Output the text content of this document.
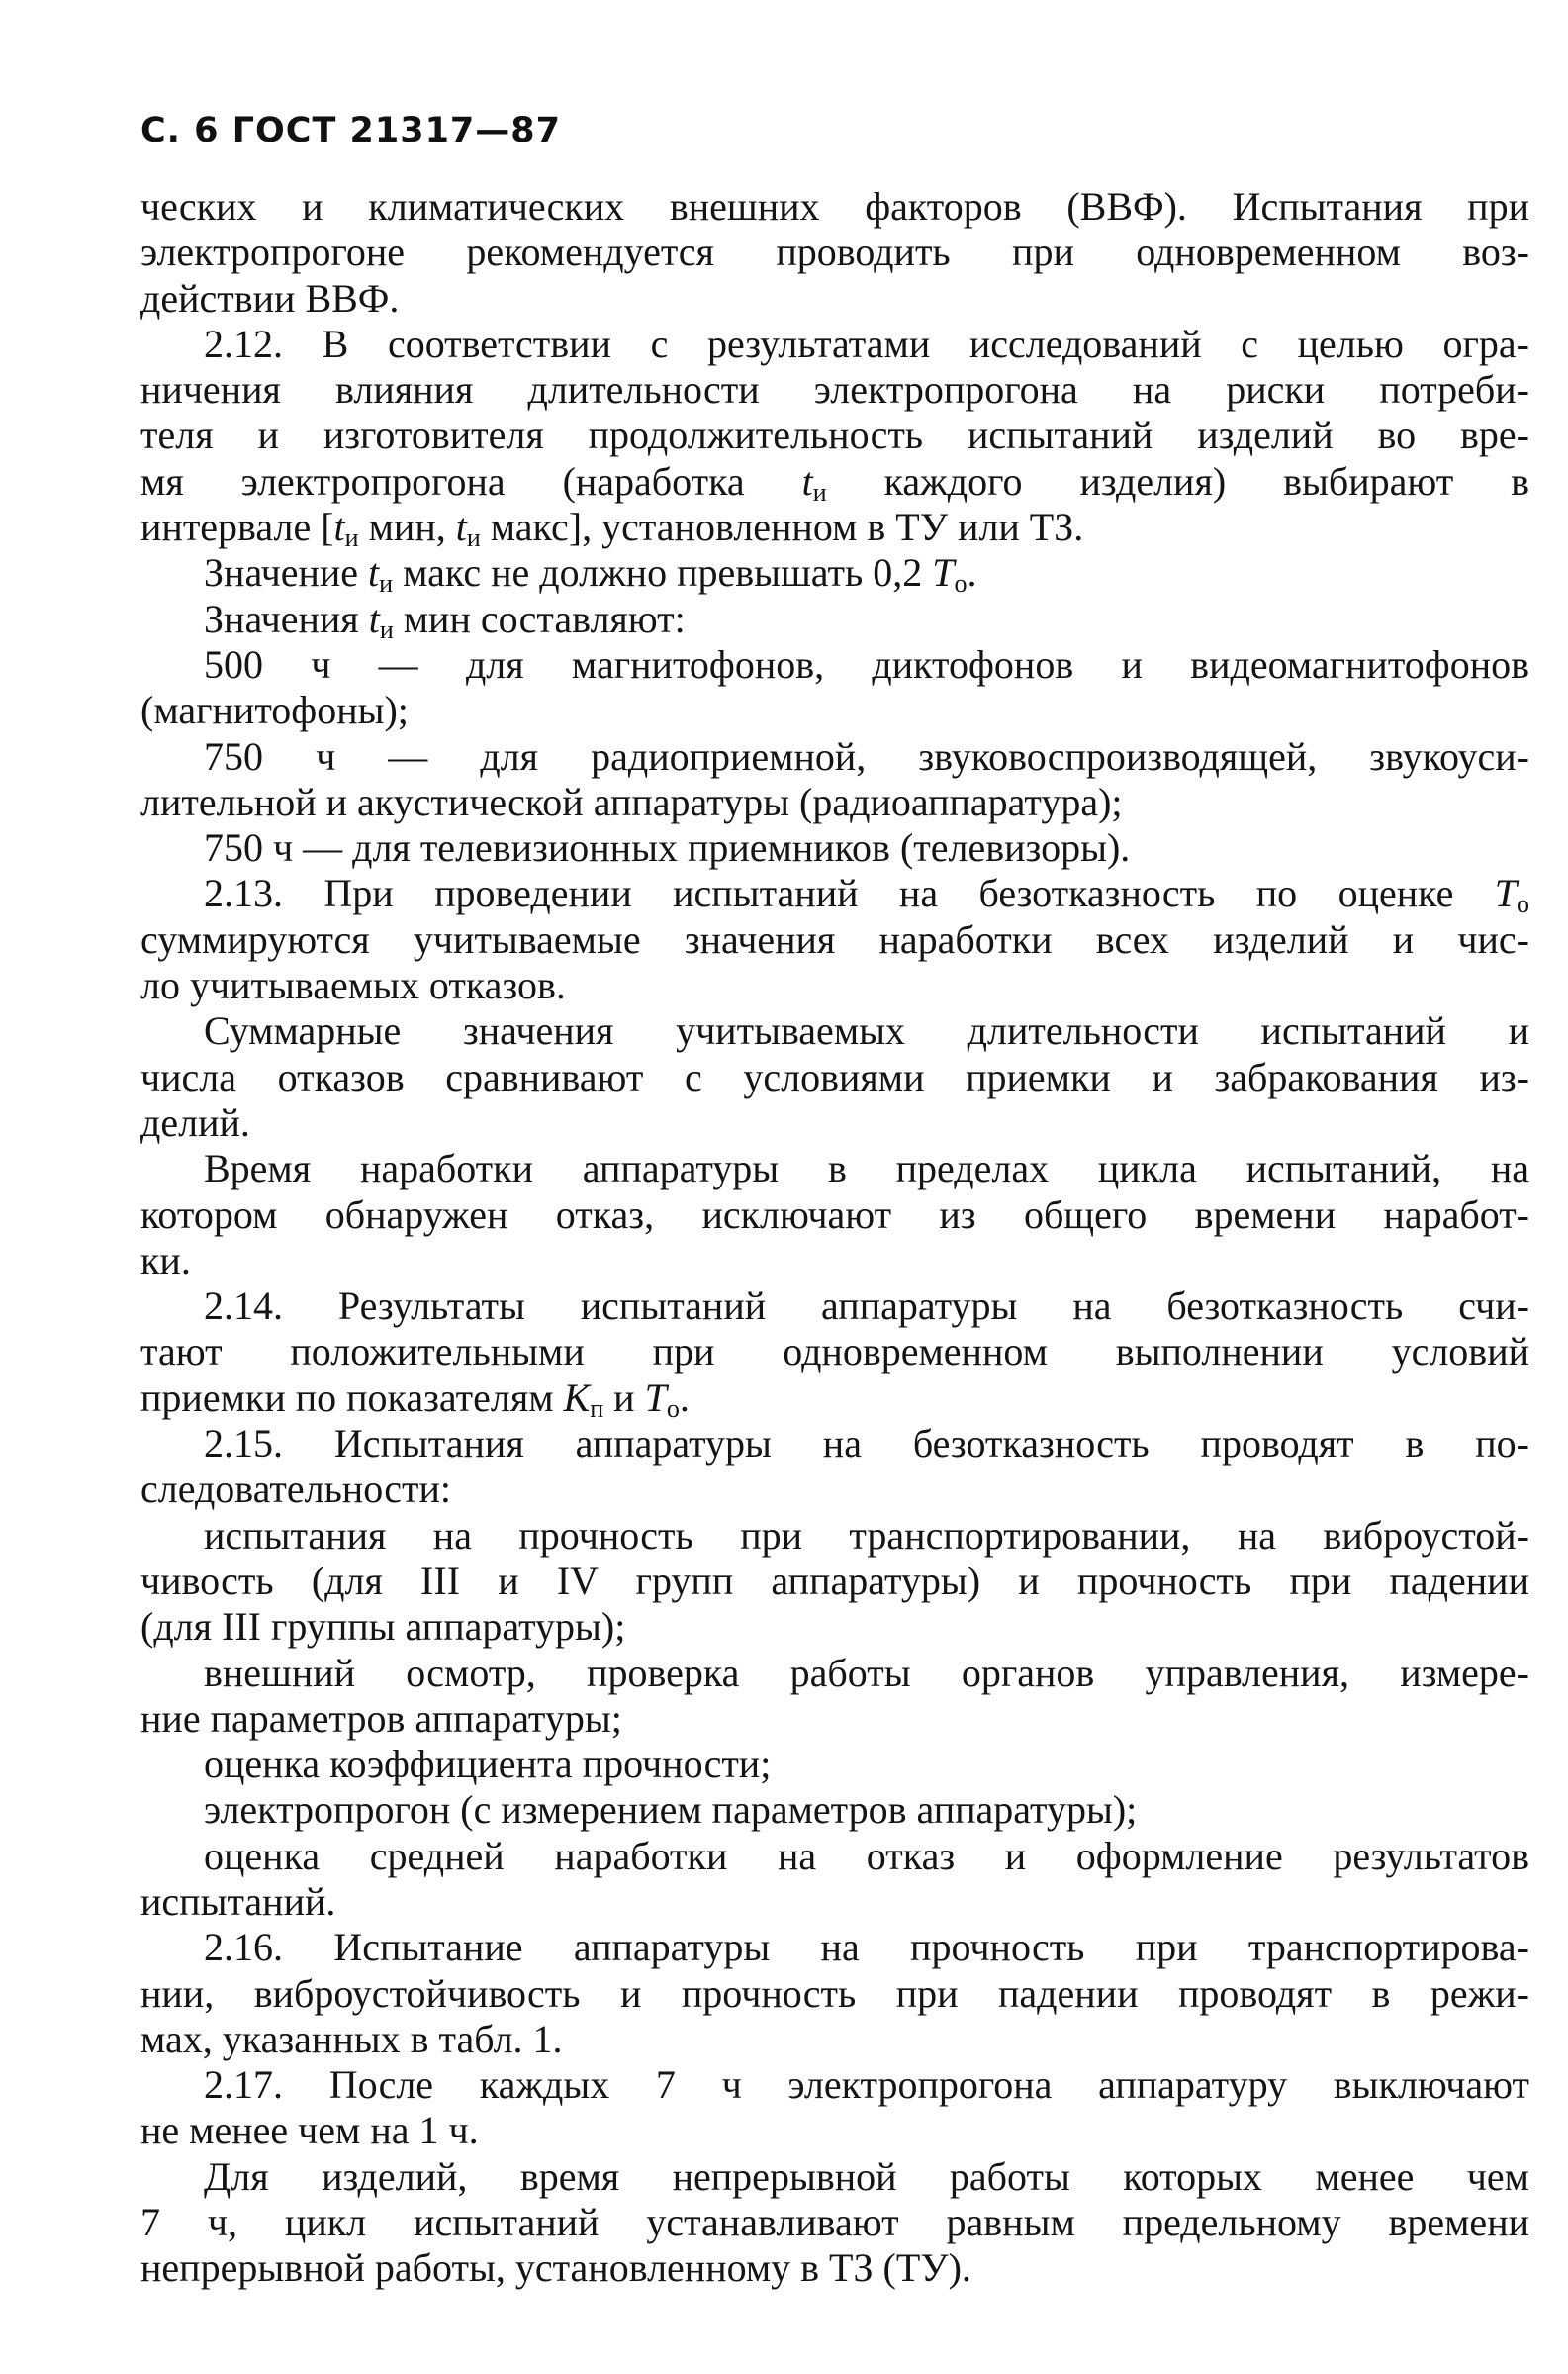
С. 6 ГОСТ 21317—87
ческих и климатических внешних факторов (ВВФ). Испытания при
электропрогоне рекомендуется проводить при одновременном воз-
действии ВВФ.
2.12. В соответствии с результатами исследований с целью огра-
ничения влияния длительности электропрогона на риски потреби-
теля и изготовителя продолжительность испытаний изделий во вре-
мя электропрогона (наработка $t_и$ каждого изделия) выбирают в
интервале [$t_и$ мин, $t_и$ макс], установленном в ТУ или ТЗ.
Значение $t_и$ макс не должно превышать 0,2 $T_o$.
Значения $t_и$ мин составляют:
500 ч — для магнитофонов, диктофонов и видеомагнитофонов
(магнитофоны);
750 ч — для радиоприемной, звуковоспроизводящей, звукоуси-
лительной и акустической аппаратуры (радиоаппаратура);
750 ч — для телевизионных приемников (телевизоры).
2.13. При проведении испытаний на безотказность по оценке $T_o$
суммируются учитываемые значения наработки всех изделий и чис-
ло учитываемых отказов.
Суммарные значения учитываемых длительности испытаний и
числа отказов сравнивают с условиями приемки и забракования из-
делий.
Время наработки аппаратуры в пределах цикла испытаний, на
котором обнаружен отказ, исключают из общего времени наработ-
ки.
2.14. Результаты испытаний аппаратуры на безотказность счи-
тают положительными при одновременном выполнении условий
приемки по показателям $K_п$ и $T_o$.
2.15. Испытания аппаратуры на безотказность проводят в по-
следовательности:
испытания на прочность при транспортировании, на виброустой-
чивость (для III и IV групп аппаратуры) и прочность при падении
(для III группы аппаратуры);
внешний осмотр, проверка работы органов управления, измере-
ние параметров аппаратуры;
оценка коэффициента прочности;
электропрогон (с измерением параметров аппаратуры);
оценка средней наработки на отказ и оформление результатов
испытаний.
2.16. Испытание аппаратуры на прочность при транспортирова-
нии, виброустойчивость и прочность при падении проводят в режи-
мах, указанных в табл. 1.
2.17. После каждых 7 ч электропрогона аппаратуру выключают
не менее чем на 1 ч.
Для изделий, время непрерывной работы которых менее чем
7 ч, цикл испытаний устанавливают равным предельному времени
непрерывной работы, установленному в ТЗ (ТУ).
